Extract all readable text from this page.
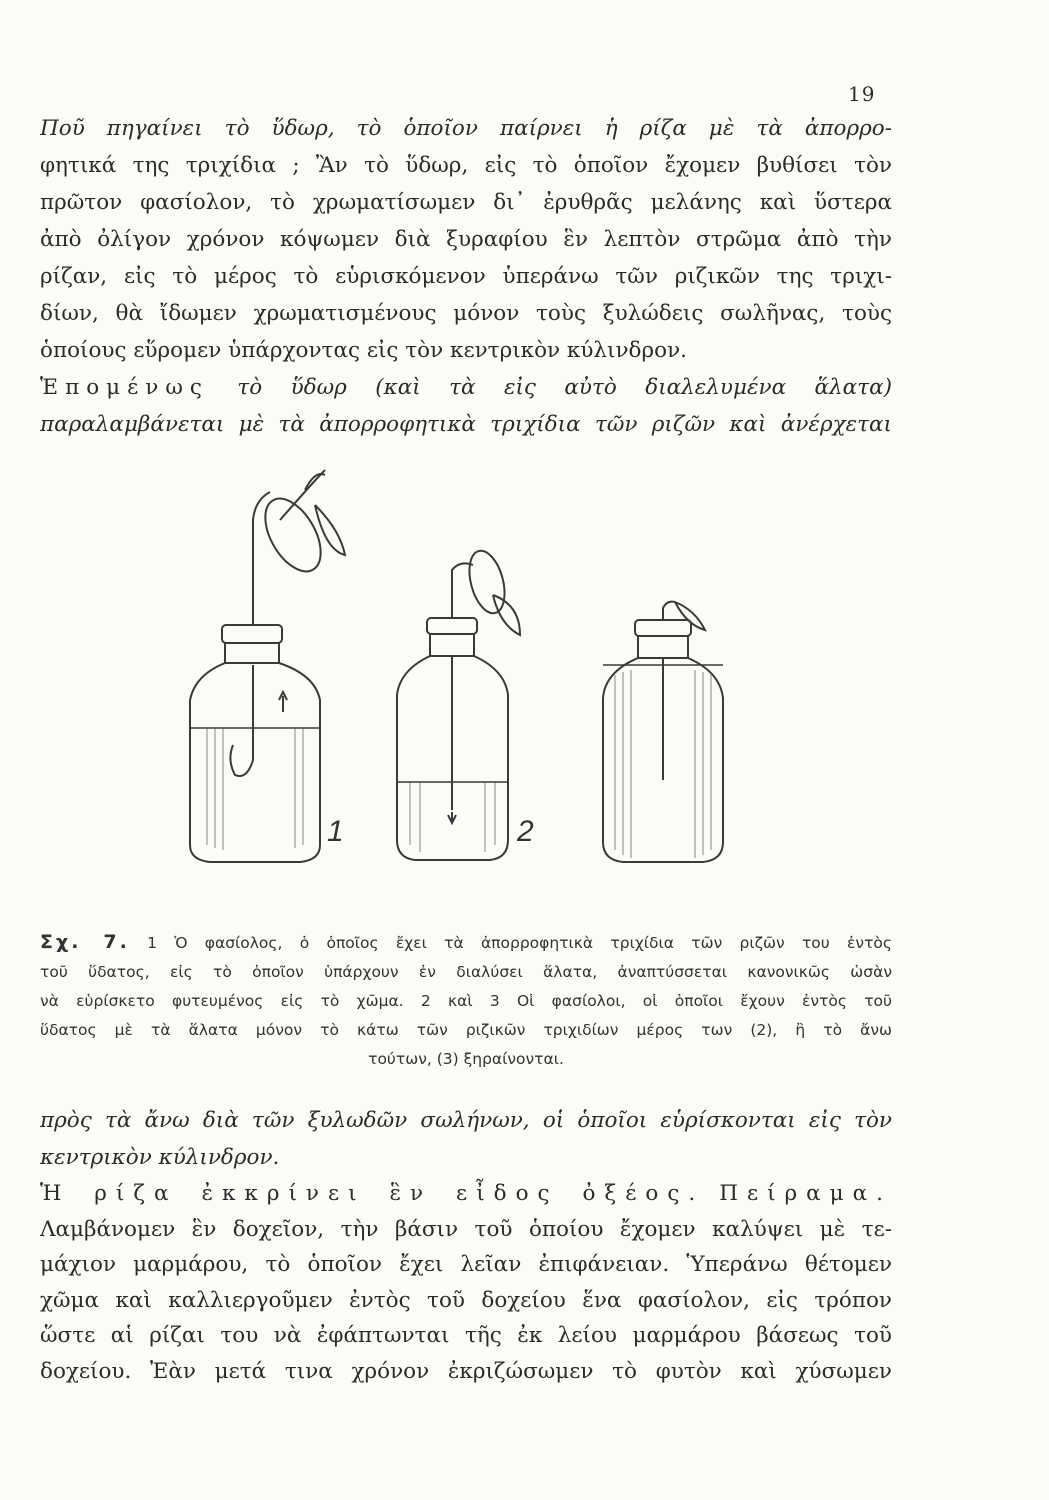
19
Ποῦ πηγαίνει τὸ ὕδωρ, τὸ ὁποῖον παίρνει ἡ ρίζα μὲ τὰ ἀπορρο-
φητικά της τριχίδια ; Ἂν τὸ ὕδωρ, εἰς τὸ ὁποῖον ἔχομεν βυθίσει τὸν
πρῶτον φασίολον, τὸ χρωματίσωμεν δι᾽ ἐρυθρᾶς μελάνης καὶ ὕστερα
ἀπὸ ὀλίγον χρόνον κόψωμεν διὰ ξυραφίου ἓν λεπτὸν στρῶμα ἀπὸ τὴν
ρίζαν, εἰς τὸ μέρος τὸ εὑρισκόμενον ὑπεράνω τῶν ριζικῶν της τριχι-
δίων, θὰ ἴδωμεν χρωματισμένους μόνον τοὺς ξυλώδεις σωλῆνας, τοὺς
ὁποίους εὕρομεν ὑπάρχοντας εἰς τὸν κεντρικὸν κύλινδρον.
Ἑπομένως τὸ ὕδωρ (καὶ τὰ εἰς αὐτὸ διαλελυμένα ἅλατα)
παραλαμβάνεται μὲ τὰ ἀπορροφητικὰ τριχίδια τῶν ριζῶν καὶ ἀνέρχεται
1	2
Σχ. 7. 1 Ὁ φασίολος, ὁ ὁποῖος ἔχει τὰ ἀπορροφητικὰ τριχίδια τῶν ριζῶν του ἐντὸς
τοῦ ὕδατος, εἰς τὸ ὁποῖον ὑπάρχουν ἐν διαλύσει ἅλατα, ἀναπτύσσεται κανονικῶς ὡσὰν
νὰ εὑρίσκετο φυτευμένος εἰς τὸ χῶμα. 2 καὶ 3 Οἱ φασίολοι, οἱ ὁποῖοι ἔχουν ἐντὸς τοῦ
ὕδατος μὲ τὰ ἅλατα μόνον τὸ κάτω τῶν ριζικῶν τριχιδίων μέρος των (2), ἢ τὸ ἄνω
τούτων, (3) ξηραίνονται.
πρὸς τὰ ἄνω διὰ τῶν ξυλωδῶν σωλήνων, οἱ ὁποῖοι εὑρίσκονται εἰς τὸν
κεντρικὸν κύλινδρον.
Ἡ ρίζα ἐκκρίνει ἓν εἶδος ὀξέος. Πείραμα.
Λαμβάνομεν ἓν δοχεῖον, τὴν βάσιν τοῦ ὁποίου ἔχομεν καλύψει μὲ τε-
μάχιον μαρμάρου, τὸ ὁποῖον ἔχει λεῖαν ἐπιφάνειαν. Ὑπεράνω θέτομεν
χῶμα καὶ καλλιεργοῦμεν ἐντὸς τοῦ δοχείου ἕνα φασίολον, εἰς τρόπον
ὥστε αἱ ρίζαι του νὰ ἐφάπτωνται τῆς ἐκ λείου μαρμάρου βάσεως τοῦ
δοχείου. Ἐὰν μετά τινα χρόνον ἐκριζώσωμεν τὸ φυτὸν καὶ χύσωμεν
